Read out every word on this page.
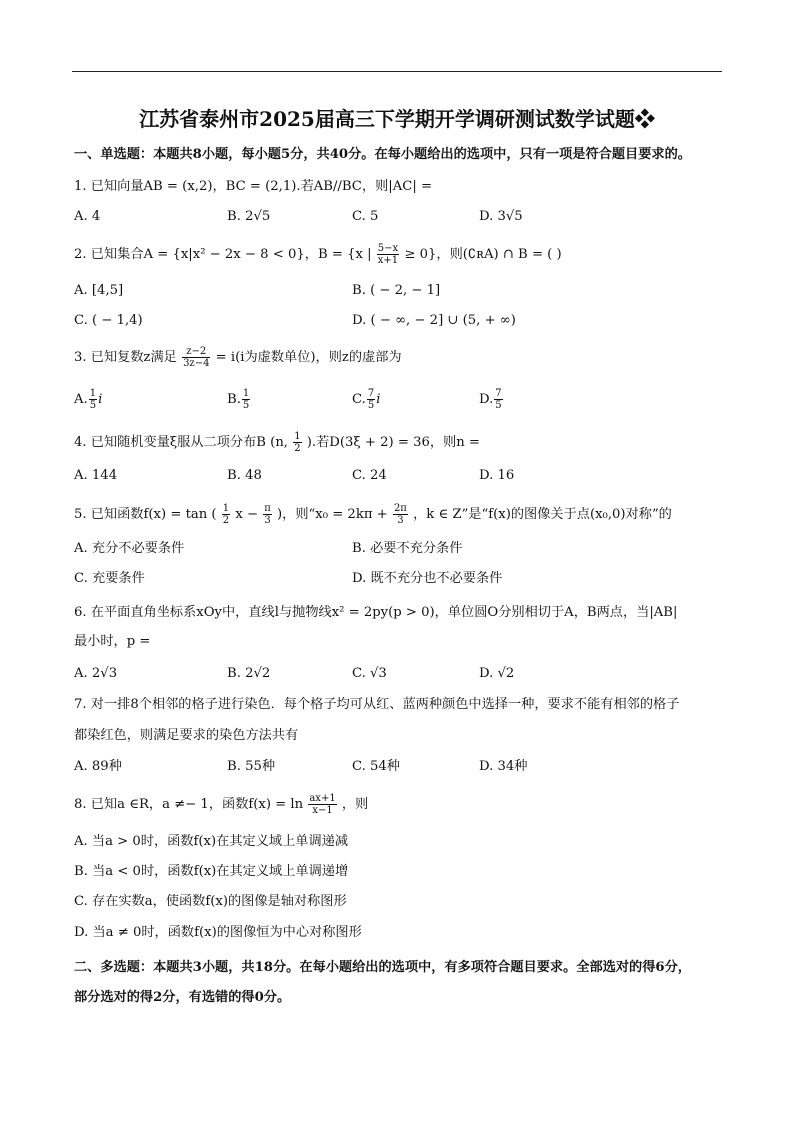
江苏省泰州市2025届高三下学期开学调研测试数学试题❖
一、单选题：本题共8小题，每小题5分，共40分。在每小题给出的选项中，只有一项是符合题目要求的。
1. 已知向量AB = (x,2)，BC = (2,1).若AB//BC，则|AC| =
A. 4	B. 2√5	C. 5	D. 3√5
2. 已知集合A = {x|x² − 2x − 8 < 0}，B = {x | $\frac{5-x}{x+1} \ge 0$}，则(∁ʀA) ∩ B = ( )
A. [4,5]	B. ( − 2, − 1]
C. ( − 1,4)	D. ( − ∞, − 2] ∪ (5, + ∞)
3. 已知复数z满足 $\frac{z-2}{3z-4} = i(i$为虚数单位)，则z的虚部为
A. $\frac{1}{5}$ i	B. $\frac{1}{5}$	C. $\frac{7}{5}$ i	D. $\frac{7}{5}$
4. 已知随机变量ξ服从二项分布B (n, $\frac{1}{2}$ ).若D(3ξ + 2) = 36，则n =
A. 144	B. 48	C. 24	D. 16
5. 已知函数f(x) = tan ( $\frac{1}{2}$ $x - \frac{\pi}{3}$ )，则“$x_0 = 2k\pi + \frac{2\pi}{3}$ ，k ∈ Z”是“f(x)的图像关于点(x₀,0)对称”的
A. 充分不必要条件	B. 必要不充分条件
C. 充要条件	D. 既不充分也不必要条件
6. 在平面直角坐标系xOy中，直线l与抛物线x² = 2py(p > 0)，单位圆O分别相切于A，B两点，当|AB|
最小时，p =
A. 2√3	B. 2√2	C. √3	D. √2
7. 对一排8个相邻的格子进行染色．每个格子均可从红、蓝两种颜色中选择一种，要求不能有相邻的格子
都染红色，则满足要求的染色方法共有
A. 89种	B. 55种	C. 54种	D. 34种
8. 已知a ∈R，a ≠− 1，函数$f(x) = \ln \frac{ax+1}{x-1}$ ，则
A. 当a > 0时，函数f(x)在其定义域上单调递减
B. 当a < 0时，函数f(x)在其定义域上单调递增
C. 存在实数a，使函数f(x)的图像是轴对称图形
D. 当a ≠ 0时，函数f(x)的图像恒为中心对称图形
二、多选题：本题共3小题，共18分。在每小题给出的选项中，有多项符合题目要求。全部选对的得6分，
部分选对的得2分，有选错的得0分。
